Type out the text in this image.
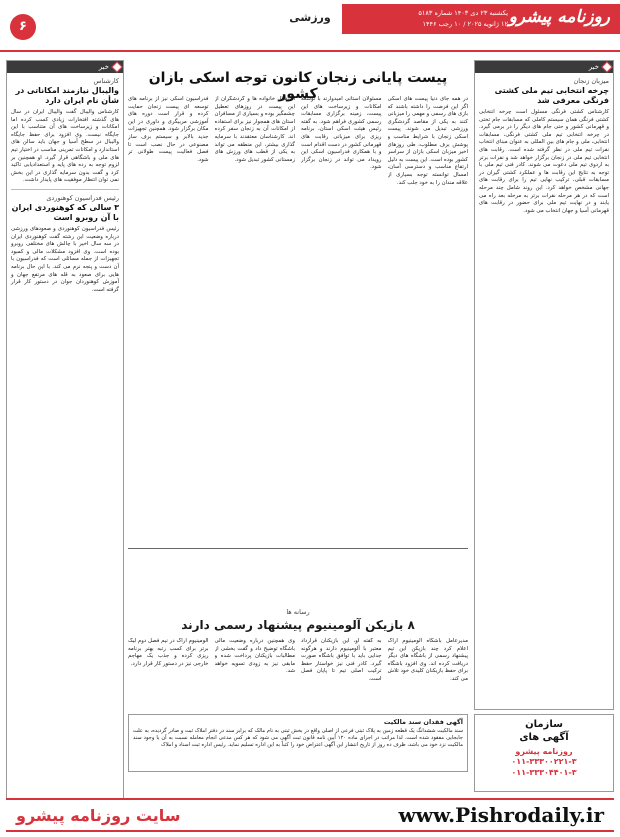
روزنامه پیشرو
یکشنبه ۲۳ دی ۱۴۰۳ شماره ۵۱۸۳
۱۲ ژانویه ۲۰۲۵ / ۱۰ رجب ۱۴۴۶
ورزشی
۶
خبر
میزبان زنجان
چرخه انتخابی تیم ملی کشتی فرنگی معرفی شد
کارشناس کشتی فرنگی مسئول است چرخه انتخابی کشتی فرنگی همان سیستم کاملی که مسابقات جام تختی و قهرمانی کشور و حتی جام های دیگر را در برمی گیرد. در چرخه انتخابی تیم ملی کشتی فرنگی، مسابقات انتخابی، ملی و جام های بین المللی به عنوان مبنای انتخاب نفرات تیم ملی در نظر گرفته شده است. رقابت های انتخابی تیم ملی در زنجان برگزار خواهد شد و نفرات برتر به اردوی تیم ملی دعوت می شوند. کادر فنی تیم ملی با توجه به نتایج این رقابت ها و عملکرد کشتی گیران در مسابقات قبلی، ترکیب نهایی تیم را برای رقابت های جهانی مشخص خواهد کرد. این روند شامل چند مرحله است که در هر مرحله نفرات برتر به مرحله بعد راه می یابند و در نهایت تیم ملی برای حضور در رقابت های قهرمانی آسیا و جهان انتخاب می شود.
پیست پایانی زنجان کانون توجه اسکی بازان کشور	در همه جای دنیا پیست های اسکی اگر این فرصت را داشته باشند که بازی های رسمی و مهمی را میزبانی کنند به یکی از مقاصد گردشگری ورزشی تبدیل می شوند. پیست اسکی زنجان با شرایط مناسب و پوشش برف مطلوب، طی روزهای اخیر میزبان اسکی بازان از سراسر کشور بوده است. این پیست به دلیل ارتفاع مناسب و دسترسی آسان، امسال توانسته توجه بسیاری از علاقه مندان را به خود جلب کند.
مسئولان استانی امیدوارند با توسعه امکانات و زیرساخت های این پیست، زمینه برگزاری مسابقات رسمی کشوری فراهم شود. به گفته رئیس هیئت اسکی استان، برنامه ریزی برای میزبانی رقابت های قهرمانی کشور در دست اقدام است و با همکاری فدراسیون اسکی این رویداد می تواند در زنجان برگزار شود.
استقبال خانواده ها و گردشگران از این پیست در روزهای تعطیل چشمگیر بوده و بسیاری از مسافران استان های همجوار نیز برای استفاده از امکانات آن به زنجان سفر کرده اند. کارشناسان معتقدند با سرمایه گذاری بیشتر، این منطقه می تواند به یکی از قطب های ورزش های زمستانی کشور تبدیل شود.
فدراسیون اسکی نیز از برنامه های توسعه ای پیست زنجان حمایت کرده و قرار است دوره های آموزشی مربیگری و داوری در این مکان برگزار شود. همچنین تجهیزات جدید بالابر و سیستم برف ساز مصنوعی در حال نصب است تا فصل فعالیت پیست طولانی تر شود.
رسانه ها
۸ بازیکن آلومینیوم پیشنهاد رسمی دارند
مدیرعامل باشگاه آلومینیوم اراک اعلام کرد چند بازیکن این تیم پیشنهاد رسمی از باشگاه های دیگر دریافت کرده اند. وی افزود باشگاه برای حفظ بازیکنان کلیدی خود تلاش می کند.
به گفته او، این بازیکنان قرارداد معتبر با آلومینیوم دارند و هرگونه جدایی باید با توافق باشگاه صورت گیرد. کادر فنی نیز خواستار حفظ ترکیب اصلی تیم تا پایان فصل است.
وی همچنین درباره وضعیت مالی باشگاه توضیح داد و گفت بخشی از مطالبات بازیکنان پرداخت شده و مابقی نیز به زودی تسویه خواهد شد.
آلومینیوم اراک در نیم فصل دوم لیگ برتر برای کسب رتبه بهتر برنامه ریزی کرده و جذب یک مهاجم خارجی نیز در دستور کار قرار دارد.
خبر
کارشناس
والیبال نیازمند امکاناتی در شأن نام ایران دارد
کارشناس والیبال گفت والیبال ایران در سال های گذشته افتخارات زیادی کسب کرده اما امکانات و زیرساخت های آن متناسب با این جایگاه نیست. وی افزود برای حفظ جایگاه والیبال در سطح آسیا و جهان باید سالن های استاندارد و امکانات تمرینی مناسب در اختیار تیم های ملی و باشگاهی قرار گیرد. او همچنین بر لزوم توجه به رده های پایه و استعدادیابی تاکید کرد و گفت بدون سرمایه گذاری در این بخش نمی توان انتظار موفقیت های پایدار داشت.
رئیس فدراسیون کوهنوردی
۳ سالی که کوهنوردی ایران با آن روبرو است
رئیس فدراسیون کوهنوردی و صعودهای ورزشی درباره وضعیت این رشته گفت کوهنوردی ایران در سه سال اخیر با چالش های مختلفی روبرو بوده است. وی افزود مشکلات مالی و کمبود تجهیزات از جمله مسائلی است که فدراسیون با آن دست و پنجه نرم می کند. با این حال برنامه هایی برای صعود به قله های مرتفع جهان و آموزش کوهنوردان جوان در دستور کار قرار گرفته است.
آگهی فقدان سند مالکیت
سند مالکیت ششدانگ یک قطعه زمین به پلاک ثبتی فرعی از اصلی واقع در بخش ثبتی به نام مالک که برابر سند در دفتر املاک ثبت و صادر گردیده، به علت جابجایی مفقود شده است. لذا مراتب در اجرای ماده ۱۲۰ آیین نامه قانون ثبت آگهی می شود که هر کس مدعی انجام معامله نسبت به آن یا وجود سند مالکیت نزد خود می باشد، ظرف ده روز از تاریخ انتشار این آگهی اعتراض خود را کتباً به این اداره تسلیم نماید. رئیس اداره ثبت اسناد و املاک
سازمان
آگهی های
روزنامه پیشرو
۰۱۱-۳۳۳۰۰۲۲۱-۳
۰۱۱-۳۳۳۰۴۴۰۱-۳
www.Pishrodaily.ir
سایت روزنامه پیشرو
